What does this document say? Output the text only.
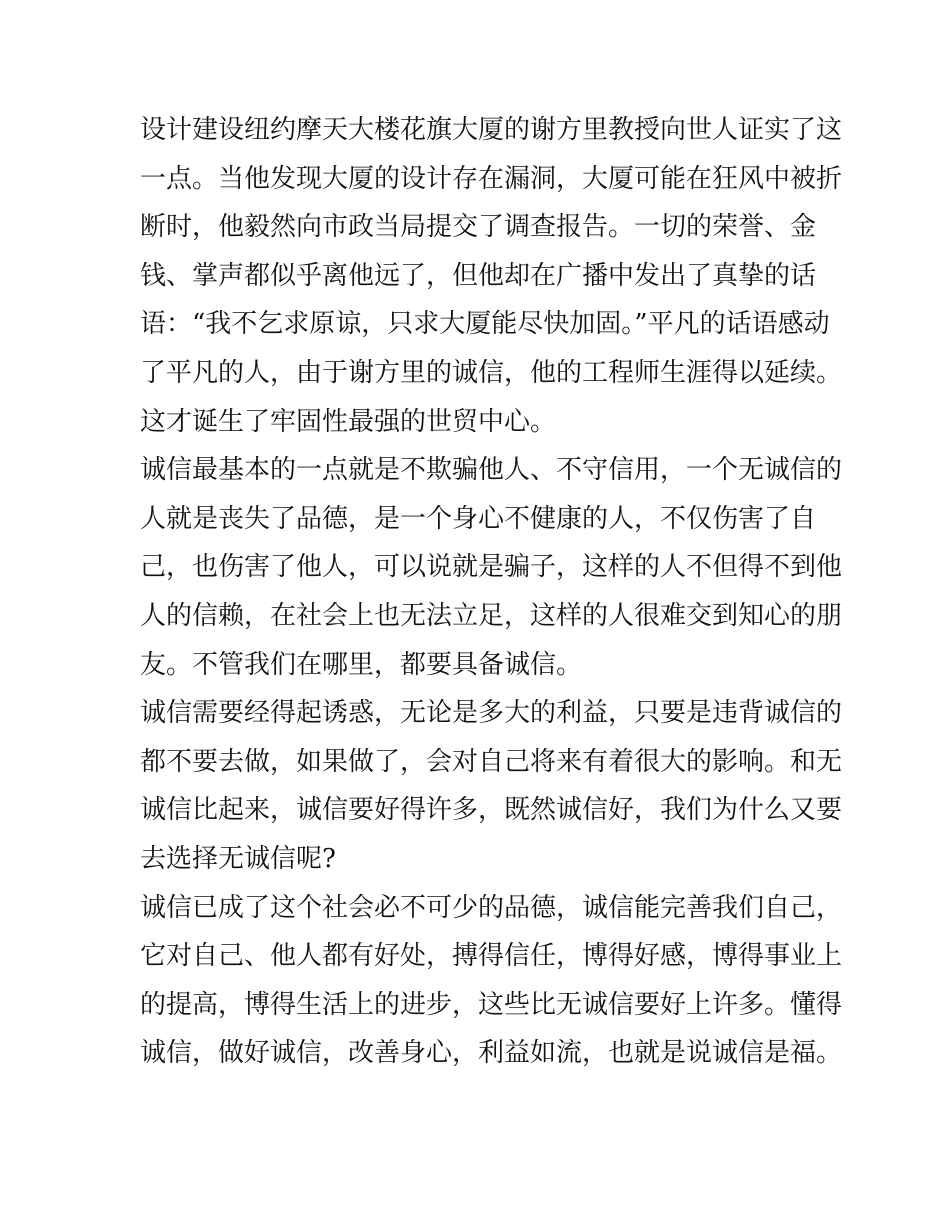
设计建设纽约摩天大楼花旗大厦的谢方里教授向世人证实了这
一点。当他发现大厦的设计存在漏洞，大厦可能在狂风中被折
断时，他毅然向市政当局提交了调查报告。一切的荣誉、金
钱、掌声都似乎离他远了，但他却在广播中发出了真挚的话
语：“我不乞求原谅，只求大厦能尽快加固。”平凡的话语感动
了平凡的人，由于谢方里的诚信，他的工程师生涯得以延续。
这才诞生了牢固性最强的世贸中心。

诚信最基本的一点就是不欺骗他人、不守信用，一个无诚信的
人就是丧失了品德，是一个身心不健康的人，不仅伤害了自
己，也伤害了他人，可以说就是骗子，这样的人不但得不到他
人的信赖，在社会上也无法立足，这样的人很难交到知心的朋
友。不管我们在哪里，都要具备诚信。

诚信需要经得起诱惑，无论是多大的利益，只要是违背诚信的
都不要去做，如果做了，会对自己将来有着很大的影响。和无
诚信比起来，诚信要好得许多，既然诚信好，我们为什么又要
去选择无诚信呢?

诚信已成了这个社会必不可少的品德，诚信能完善我们自己，
它对自己、他人都有好处，搏得信任，博得好感，博得事业上
的提高，博得生活上的进步，这些比无诚信要好上许多。懂得
诚信，做好诚信，改善身心，利益如流，也就是说诚信是福。
